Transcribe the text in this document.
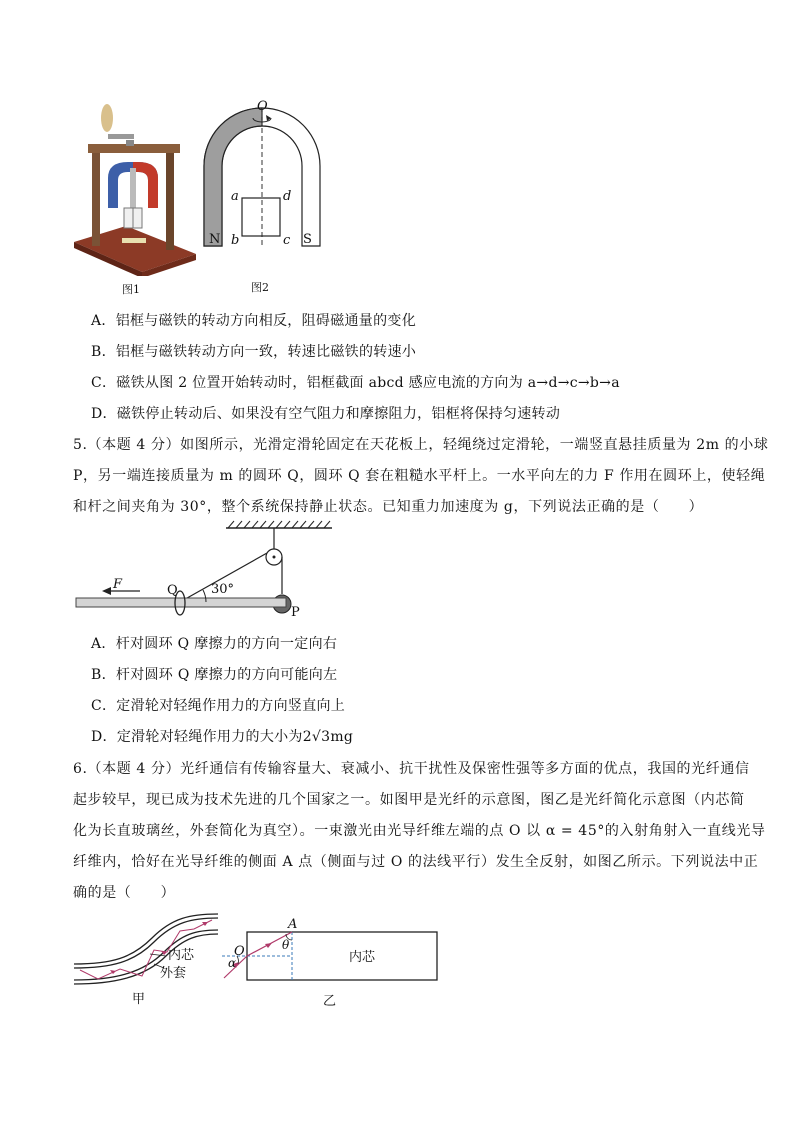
图1
O
a	d
b	c
N	S
图2
A．铝框与磁铁的转动方向相反，阻碍磁通量的变化
B．铝框与磁铁转动方向一致，转速比磁铁的转速小
C．磁铁从图 2 位置开始转动时，铝框截面 abcd 感应电流的方向为 a→d→c→b→a
D．磁铁停止转动后、如果没有空气阻力和摩擦阻力，铝框将保持匀速转动
5.（本题 4 分）如图所示，光滑定滑轮固定在天花板上，轻绳绕过定滑轮，一端竖直悬挂质量为 2m 的小球
P，另一端连接质量为 m 的圆环 Q，圆环 Q 套在粗糙水平杆上。一水平向左的力 F 作用在圆环上，使轻绳
和杆之间夹角为 30°，整个系统保持静止状态。已知重力加速度为 g，下列说法正确的是（　　）
F	Q	30°
P
A．杆对圆环 Q 摩擦力的方向一定向右
B．杆对圆环 Q 摩擦力的方向可能向左
C．定滑轮对轻绳作用力的方向竖直向上
D．定滑轮对轻绳作用力的大小为2√3mg
6.（本题 4 分）光纤通信有传输容量大、衰减小、抗干扰性及保密性强等多方面的优点，我国的光纤通信
起步较早，现已成为技术先进的几个国家之一。如图甲是光纤的示意图，图乙是光纤简化示意图（内芯简
化为长直玻璃丝，外套简化为真空）。一束激光由光导纤维左端的点 O 以 α = 45°的入射角射入一直线光导
纤维内，恰好在光导纤维的侧面 A 点（侧面与过 O 的法线平行）发生全反射，如图乙所示。下列说法中正
确的是（　　）
内芯
外套
甲
A
O	θ
α	内芯
乙
